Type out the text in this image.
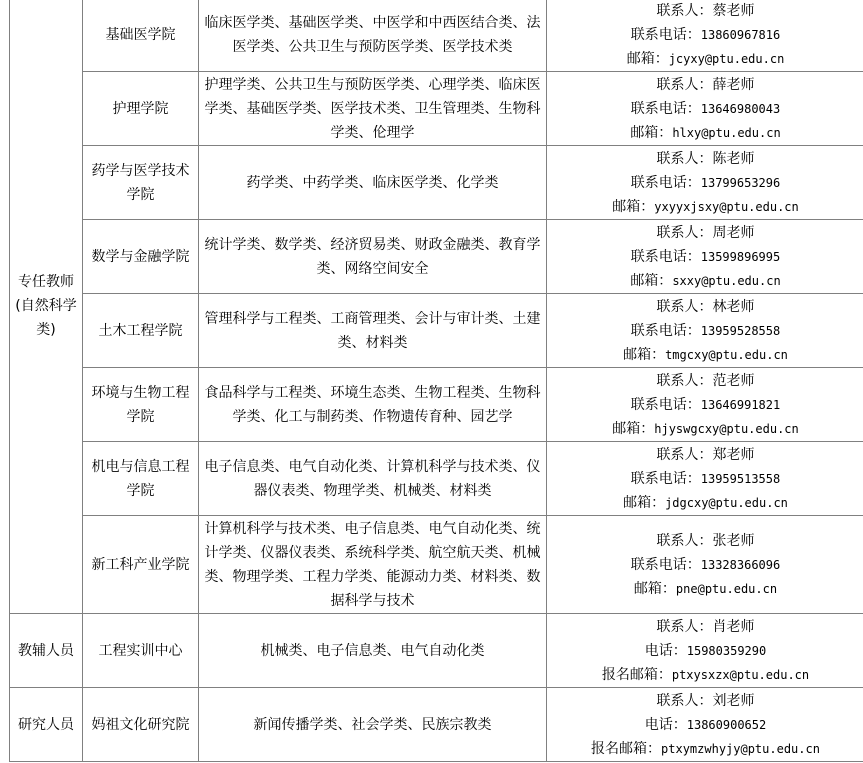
专任教师(自然科学类)	基础医学院	临床医学类、基础医学类、中医学和中西医结合类、法医学类、公共卫生与预防医学类、医学技术类	联系人：蔡老师
联系电话：13860967816
邮箱：jcyxy@ptu.edu.cn

	护理学院	护理学类、公共卫生与预防医学类、心理学类、临床医学类、基础医学类、医学技术类、卫生管理类、生物科学类、伦理学	联系人：薛老师
联系电话：13646980043
邮箱：hlxy@ptu.edu.cn

	药学与医学技术学院	药学类、中药学类、临床医学类、化学类	联系人：陈老师
联系电话：13799653296
邮箱：yxyyxjsxy@ptu.edu.cn

	数学与金融学院	统计学类、数学类、经济贸易类、财政金融类、教育学类、网络空间安全	联系人：周老师
联系电话：13599896995
邮箱：sxxy@ptu.edu.cn

	土木工程学院	管理科学与工程类、工商管理类、会计与审计类、土建类、材料类	联系人：林老师
联系电话：13959528558
邮箱：tmgcxy@ptu.edu.cn

	环境与生物工程学院	食品科学与工程类、环境生态类、生物工程类、生物科学类、化工与制药类、作物遗传育种、园艺学	联系人：范老师
联系电话：13646991821
邮箱：hjyswgcxy@ptu.edu.cn

	机电与信息工程学院	电子信息类、电气自动化类、计算机科学与技术类、仪器仪表类、物理学类、机械类、材料类	联系人：郑老师
联系电话：13959513558
邮箱：jdgcxy@ptu.edu.cn

	新工科产业学院	计算机科学与技术类、电子信息类、电气自动化类、统计学类、仪器仪表类、系统科学类、航空航天类、机械类、物理学类、工程力学类、能源动力类、材料类、数据科学与技术	联系人：张老师
联系电话：13328366096
邮箱：pne@ptu.edu.cn

教辅人员	工程实训中心	机械类、电子信息类、电气自动化类	联系人：肖老师
电话：15980359290
报名邮箱：ptxysxzx@ptu.edu.cn

研究人员	妈祖文化研究院	新闻传播学类、社会学类、民族宗教类	联系人：刘老师
电话：13860900652
报名邮箱：ptxymzwhyjy@ptu.edu.cn
